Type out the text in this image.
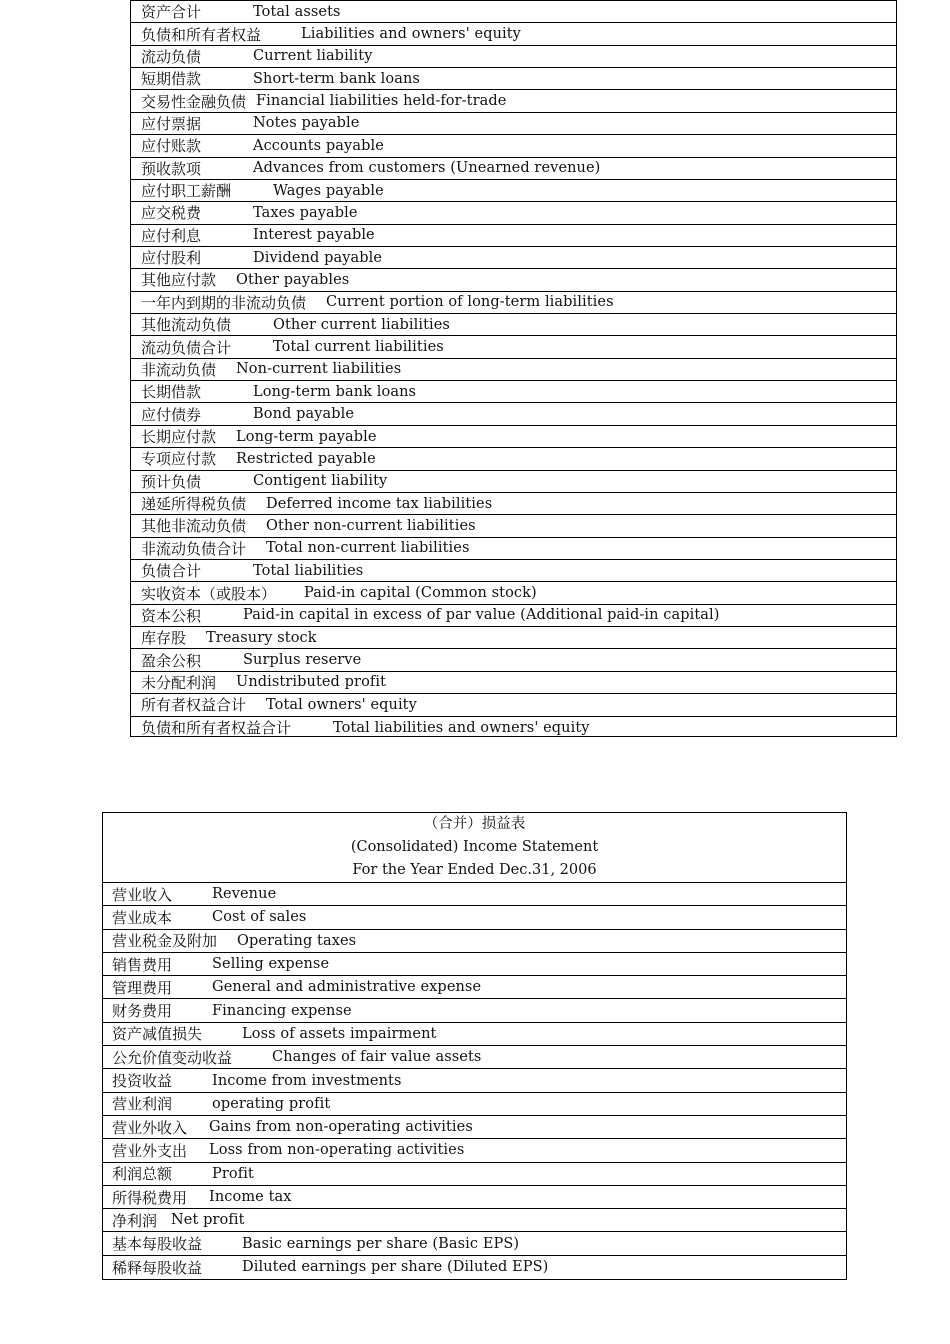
资产合计	Total assets
负债和所有者权益	Liabilities and owners' equity
流动负债	Current liability
短期借款	Short-term bank loans
交易性金融负债 Financial liabilities held-for-trade
应付票据	Notes payable
应付账款	Accounts payable
预收款项	Advances from customers (Unearned revenue)
应付职工薪酬	Wages payable
应交税费	Taxes payable
应付利息	Interest payable
应付股利	Dividend payable
其他应付款 Other payables
一年内到期的非流动负债 Current portion of long-term liabilities
其他流动负债	Other current liabilities
流动负债合计	Total current liabilities
非流动负债 Non-current liabilities
长期借款	Long-term bank loans
应付债券	Bond payable
长期应付款 Long-term payable
专项应付款 Restricted payable
预计负债	Contigent liability
递延所得税负债 Deferred income tax liabilities
其他非流动负债 Other non-current liabilities
非流动负债合计 Total non-current liabilities
负债合计	Total liabilities
实收资本（或股本） Paid-in capital (Common stock)
资本公积	Paid-in capital in excess of par value (Additional paid-in capital)
库存股 Treasury stock
盈余公积	Surplus reserve
未分配利润 Undistributed profit
所有者权益合计 Total owners' equity
负债和所有者权益合计	Total liabilities and owners' equity
（合并）损益表
(Consolidated) Income Statement
For the Year Ended Dec.31, 2006
营业收入	Revenue
营业成本	Cost of sales
营业税金及附加 Operating taxes
销售费用	Selling expense
管理费用	General and administrative expense
财务费用	Financing expense
资产减值损失	Loss of assets impairment
公允价值变动收益	Changes of fair value assets
投资收益	Income from investments
营业利润	operating profit
营业外收入 Gains from non-operating activities
营业外支出 Loss from non-operating activities
利润总额	Profit
所得税费用 Income tax
净利润 Net profit
基本每股收益	Basic earnings per share (Basic EPS)
稀释每股收益	Diluted earnings per share (Diluted EPS)
